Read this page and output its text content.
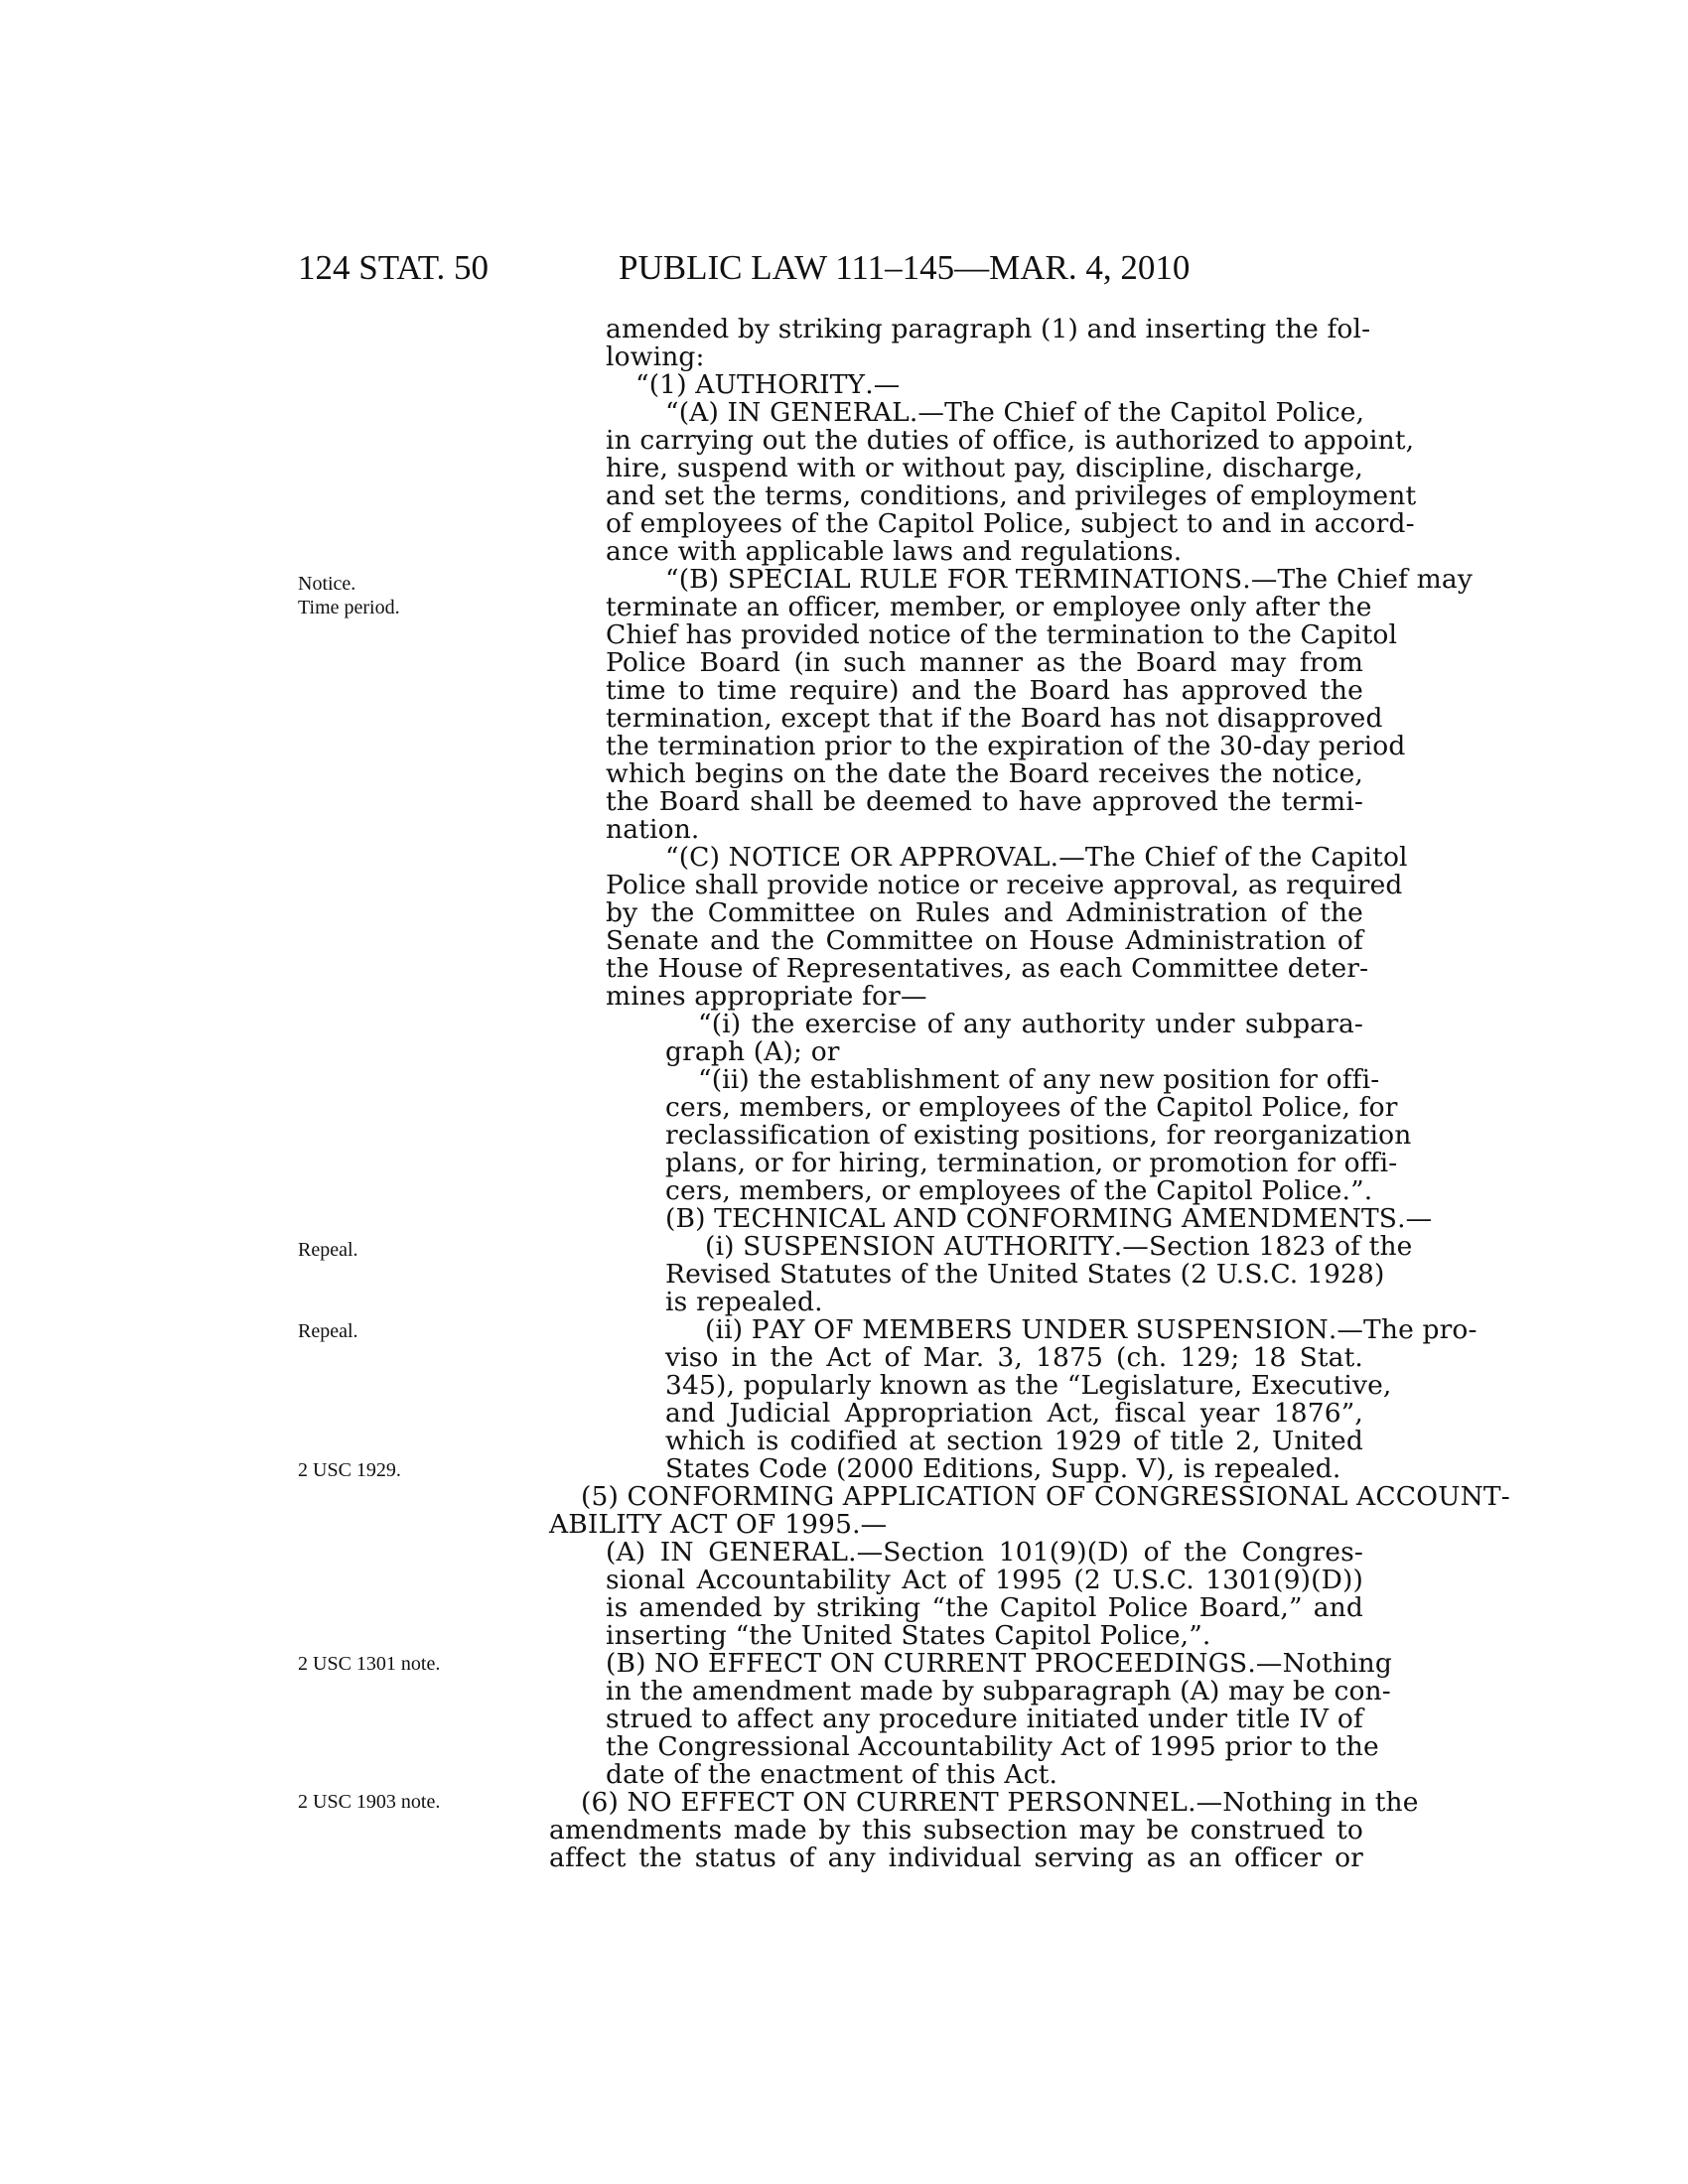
124 STAT. 50	PUBLIC LAW 111–145—MAR. 4, 2010
Notice.
Time period.
Repeal.
Repeal.
2 USC 1929.
2 USC 1301 note.
2 USC 1903 note.
amended by striking paragraph (1) and inserting the fol-
lowing:
“(1) AUTHORITY.—
“(A) IN GENERAL.—The Chief of the Capitol Police,
in carrying out the duties of office, is authorized to appoint,
hire, suspend with or without pay, discipline, discharge,
and set the terms, conditions, and privileges of employment
of employees of the Capitol Police, subject to and in accord-
ance with applicable laws and regulations.
“(B) SPECIAL RULE FOR TERMINATIONS.—The Chief may
terminate an officer, member, or employee only after the
Chief has provided notice of the termination to the Capitol
Police Board (in such manner as the Board may from
time to time require) and the Board has approved the
termination, except that if the Board has not disapproved
the termination prior to the expiration of the 30-day period
which begins on the date the Board receives the notice,
the Board shall be deemed to have approved the termi-
nation.
“(C) NOTICE OR APPROVAL.—The Chief of the Capitol
Police shall provide notice or receive approval, as required
by the Committee on Rules and Administration of the
Senate and the Committee on House Administration of
the House of Representatives, as each Committee deter-
mines appropriate for—
“(i) the exercise of any authority under subpara-
graph (A); or
“(ii) the establishment of any new position for offi-
cers, members, or employees of the Capitol Police, for
reclassification of existing positions, for reorganization
plans, or for hiring, termination, or promotion for offi-
cers, members, or employees of the Capitol Police.”.
(B) TECHNICAL AND CONFORMING AMENDMENTS.—
(i) SUSPENSION AUTHORITY.—Section 1823 of the
Revised Statutes of the United States (2 U.S.C. 1928)
is repealed.
(ii) PAY OF MEMBERS UNDER SUSPENSION.—The pro-
viso in the Act of Mar. 3, 1875 (ch. 129; 18 Stat.
345), popularly known as the “Legislature, Executive,
and Judicial Appropriation Act, fiscal year 1876”,
which is codified at section 1929 of title 2, United
States Code (2000 Editions, Supp. V), is repealed.
(5) CONFORMING APPLICATION OF CONGRESSIONAL ACCOUNT-
ABILITY ACT OF 1995.—
(A) IN GENERAL.—Section 101(9)(D) of the Congres-
sional Accountability Act of 1995 (2 U.S.C. 1301(9)(D))
is amended by striking “the Capitol Police Board,” and
inserting “the United States Capitol Police,”.
(B) NO EFFECT ON CURRENT PROCEEDINGS.—Nothing
in the amendment made by subparagraph (A) may be con-
strued to affect any procedure initiated under title IV of
the Congressional Accountability Act of 1995 prior to the
date of the enactment of this Act.
(6) NO EFFECT ON CURRENT PERSONNEL.—Nothing in the
amendments made by this subsection may be construed to
affect the status of any individual serving as an officer or
